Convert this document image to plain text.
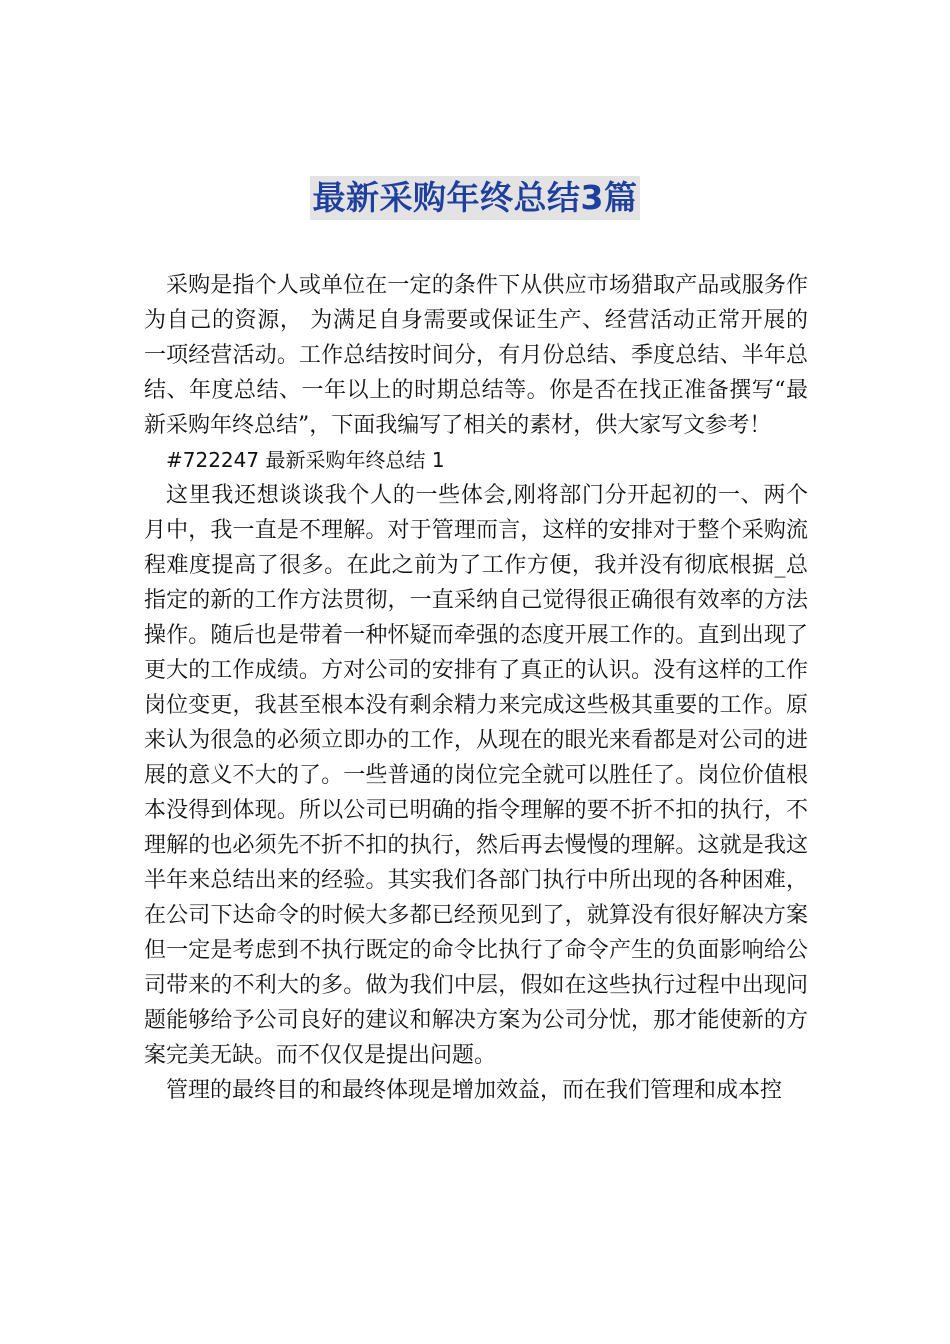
最新采购年终总结3篇

采购是指个人或单位在一定的条件下从供应市场猎取产品或服务作为自己的资源， 为满足自身需要或保证生产、经营活动正常开展的一项经营活动。工作总结按时间分，有月份总结、季度总结、半年总结、年度总结、一年以上的时期总结等。你是否在找正准备撰写“最新采购年终总结”，下面我编写了相关的素材，供大家写文参考！

#722247 最新采购年终总结 1

这里我还想谈谈我个人的一些体会,刚将部门分开起初的一、两个月中，我一直是不理解。对于管理而言，这样的安排对于整个采购流程难度提高了很多。在此之前为了工作方便，我并没有彻底根据_总指定的新的工作方法贯彻，一直采纳自己觉得很正确很有效率的方法操作。随后也是带着一种怀疑而牵强的态度开展工作的。直到出现了更大的工作成绩。方对公司的安排有了真正的认识。没有这样的工作岗位变更，我甚至根本没有剩余精力来完成这些极其重要的工作。原来认为很急的必须立即办的工作，从现在的眼光来看都是对公司的进展的意义不大的了。一些普通的岗位完全就可以胜任了。岗位价值根本没得到体现。所以公司已明确的指令理解的要不折不扣的执行，不理解的也必须先不折不扣的执行，然后再去慢慢的理解。这就是我这半年来总结出来的经验。其实我们各部门执行中所出现的各种困难，在公司下达命令的时候大多都已经预见到了，就算没有很好解决方案但一定是考虑到不执行既定的命令比执行了命令产生的负面影响给公司带来的不利大的多。做为我们中层，假如在这些执行过程中出现问题能够给予公司良好的建议和解决方案为公司分忧，那才能使新的方案完美无缺。而不仅仅是提出问题。

管理的最终目的和最终体现是增加效益，而在我们管理和成本控
